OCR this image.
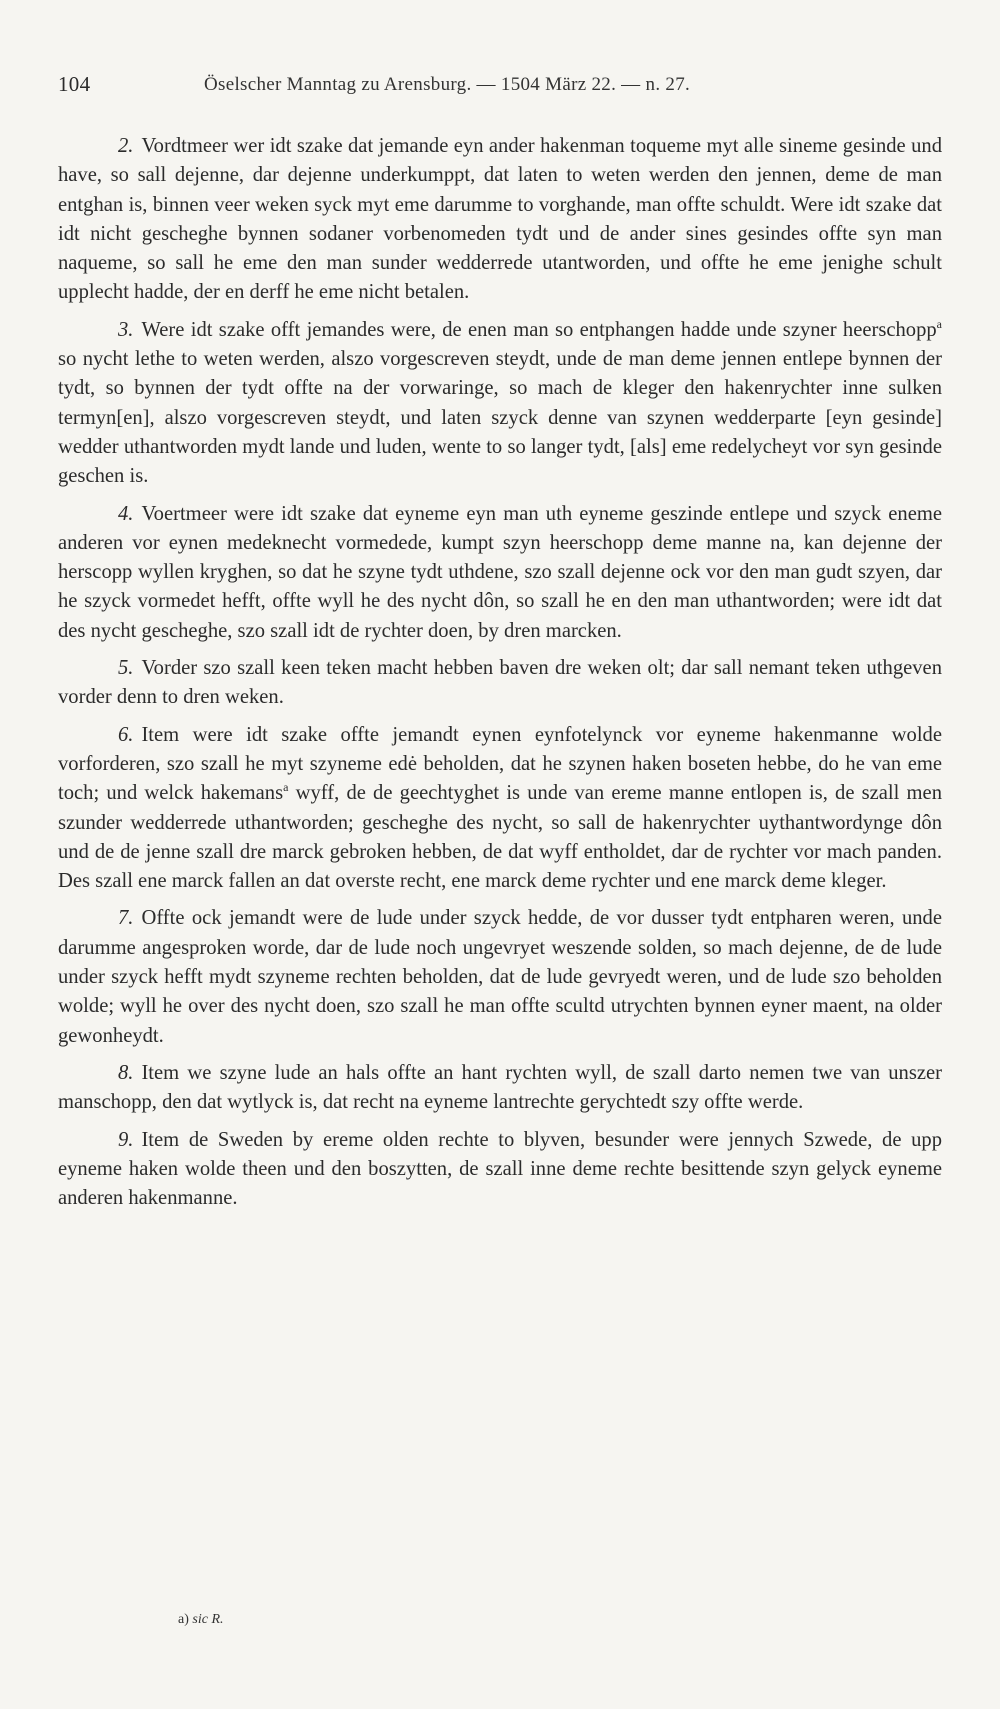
104	Öselscher Manntag zu Arensburg. — 1504 März 22. — n. 27.

2. Vordtmeer wer idt szake dat jemande eyn ander hakenman toqueme myt alle sineme gesinde und have, so sall dejenne, dar dejenne underkumppt, dat laten to weten werden den jennen, deme de man entghan is, binnen veer weken syck myt eme darumme to vorghande, man offte schuldt. Were idt szake dat idt nicht gescheghe bynnen sodaner vorbenomeden tydt und de ander sines gesindes offte syn man naqueme, so sall he eme den man sunder wedderrede utantworden, und offte he eme jenighe schult upplecht hadde, der en derff he eme nicht betalen.

3. Were idt szake offt jemandes were, de enen man so entphangen hadde unde szyner heerschopp$^a$ so nycht lethe to weten werden, alszo vorgescreven steydt, unde de man deme jennen entlepe bynnen der tydt, so bynnen der tydt offte na der vorwaringe, so mach de kleger den hakenrychter inne sulken termyn[en], alszo vorgescreven steydt, und laten szyck denne van szynen wedderparte [eyn gesinde] wedder uthantworden mydt lande und luden, wente to so langer tydt, [als] eme redelycheyt vor syn gesinde geschen is.

4. Voertmeer were idt szake dat eyneme eyn man uth eyneme geszinde entlepe und szyck eneme anderen vor eynen medeknecht vormedede, kumpt szyn heerschopp deme manne na, kan dejenne der herscopp wyllen kryghen, so dat he szyne tydt uthdene, szo szall dejenne ock vor den man gudt szyen, dar he szyck vormedet hefft, offte wyll he des nycht dôn, so szall he en den man uthantworden; were idt dat des nycht gescheghe, szo szall idt de rychter doen, by dren marcken.

5. Vorder szo szall keen teken macht hebben baven dre weken olt; dar sall nemant teken uthgeven vorder denn to dren weken.

6. Item were idt szake offte jemandt eynen eynfotelynck vor eyneme hakenmanne wolde vorforderen, szo szall he myt szyneme edė beholden, dat he szynen haken boseten hebbe, do he van eme toch; und welck hakemans$^a$ wyff, de de geechtyghet is unde van ereme manne entlopen is, de szall men szunder wedderrede uthantworden; gescheghe des nycht, so sall de hakenrychter uythantwordynge dôn und de de jenne szall dre marck gebroken hebben, de dat wyff entholdet, dar de rychter vor mach panden. Des szall ene marck fallen an dat overste recht, ene marck deme rychter und ene marck deme kleger.

7. Offte ock jemandt were de lude under szyck hedde, de vor dusser tydt entpharen weren, unde darumme angesproken worde, dar de lude noch ungevryet weszende solden, so mach dejenne, de de lude under szyck hefft mydt szyneme rechten beholden, dat de lude gevryedt weren, und de lude szo beholden wolde; wyll he over des nycht doen, szo szall he man offte scultd utrychten bynnen eyner maent, na older gewonheydt.

8. Item we szyne lude an hals offte an hant rychten wyll, de szall darto nemen twe van unszer manschopp, den dat wytlyck is, dat recht na eyneme lantrechte gerychtedt szy offte werde.

9. Item de Sweden by ereme olden rechte to blyven, besunder were jennych Szwede, de upp eyneme haken wolde theen und den boszytten, de szall inne deme rechte besittende szyn gelyck eyneme anderen hakenmanne.

a) sic R.
